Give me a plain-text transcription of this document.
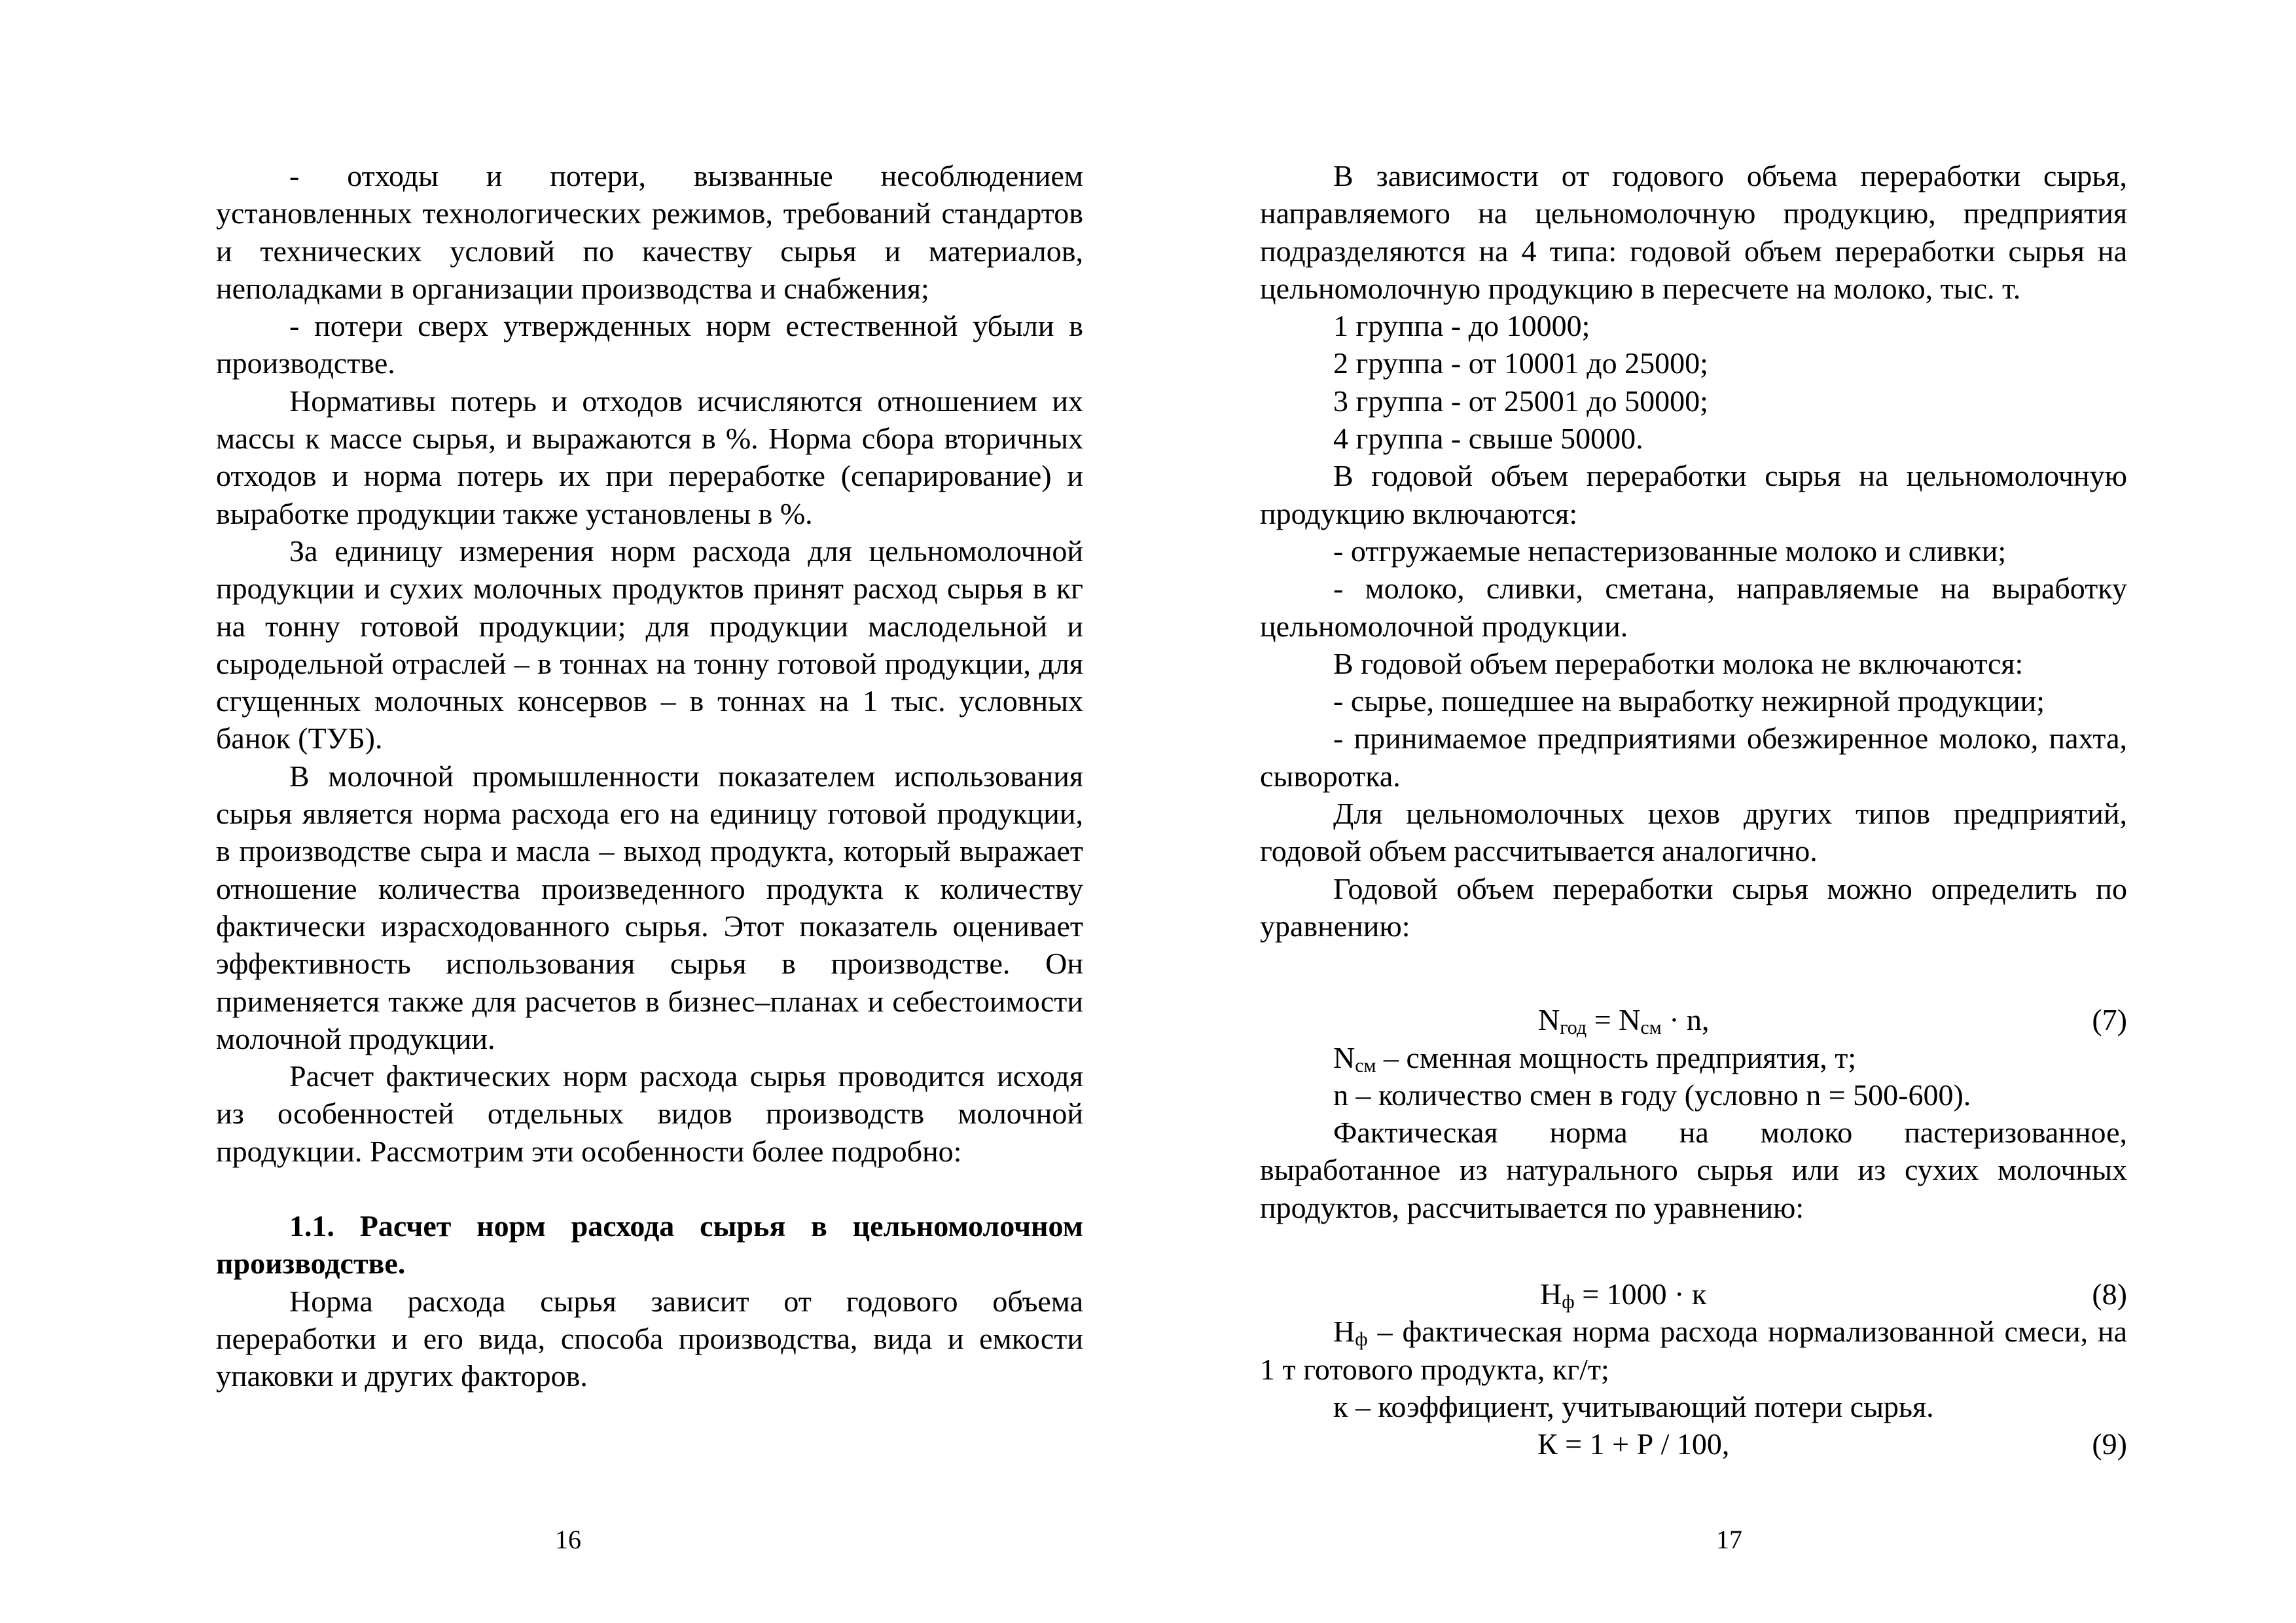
- отходы и потери, вызванные несоблюдением установленных технологических режимов, требований стандартов и технических условий по качеству сырья и материалов, неполадками в организации производства и снабжения;

- потери сверх утвержденных норм естественной убыли в производстве.

Нормативы потерь и отходов исчисляются отношением их массы к массе сырья, и выражаются в %. Норма сбора вторичных отходов и норма потерь их при переработке (сепарирование) и выработке продукции также установлены в %.

За единицу измерения норм расхода для цельномолочной продукции и сухих молочных продуктов принят расход сырья в кг на тонну готовой продукции; для продукции маслодельной и сыродельной отраслей – в тоннах на тонну готовой продукции, для сгущенных молочных консервов – в тоннах на 1 тыс. условных банок (ТУБ).

В молочной промышленности показателем использования сырья является норма расхода его на единицу готовой продукции, в производстве сыра и масла – выход продукта, который выражает отношение количества произведенного продукта к количеству фактически израсходованного сырья. Этот показатель оценивает эффективность использования сырья в производстве. Он применяется также для расчетов в бизнес–планах и себестоимости молочной продукции.

Расчет фактических норм расхода сырья проводится исходя из особенностей отдельных видов производств молочной продукции. Рассмотрим эти особенности более подробно:

1.1. Расчет норм расхода сырья в цельномолочном производстве.

Норма расхода сырья зависит от годового объема переработки и его вида, способа производства, вида и емкости упаковки и других факторов.

16

В зависимости от годового объема переработки сырья, направляемого на цельномолочную продукцию, предприятия подразделяются на 4 типа: годовой объем переработки сырья на цельномолочную продукцию в пересчете на молоко, тыс. т.

1 группа - до 10000;

2 группа - от 10001 до 25000;

3 группа - от 25001 до 50000;

4 группа - свыше 50000.

В годовой объем переработки сырья на цельномолочную продукцию включаются:

- отгружаемые непастеризованные молоко и сливки;

- молоко, сливки, сметана, направляемые на выработку цельномолочной продукции.

В годовой объем переработки молока не включаются:

- сырье, пошедшее на выработку нежирной продукции;

- принимаемое предприятиями обезжиренное молоко, пахта, сыворотка.

Для цельномолочных цехов других типов предприятий, годовой объем рассчитывается аналогично.

Годовой объем переработки сырья можно определить по уравнению:

$N_{год} = N_{см} \cdot n$,	(7)

$N_{см}$ – сменная мощность предприятия, т;

n – количество смен в году (условно n = 500-600).

Фактическая норма на молоко пастеризованное, выработанное из натурального сырья или из сухих молочных продуктов, рассчитывается по уравнению:

$Н_ф = 1000 \cdot к$	(8)

$Н_ф$ – фактическая норма расхода нормализованной смеси, на 1 т готового продукта, кг/т;

к – коэффициент, учитывающий потери сырья.

К = 1 + Р / 100,	(9)
17
